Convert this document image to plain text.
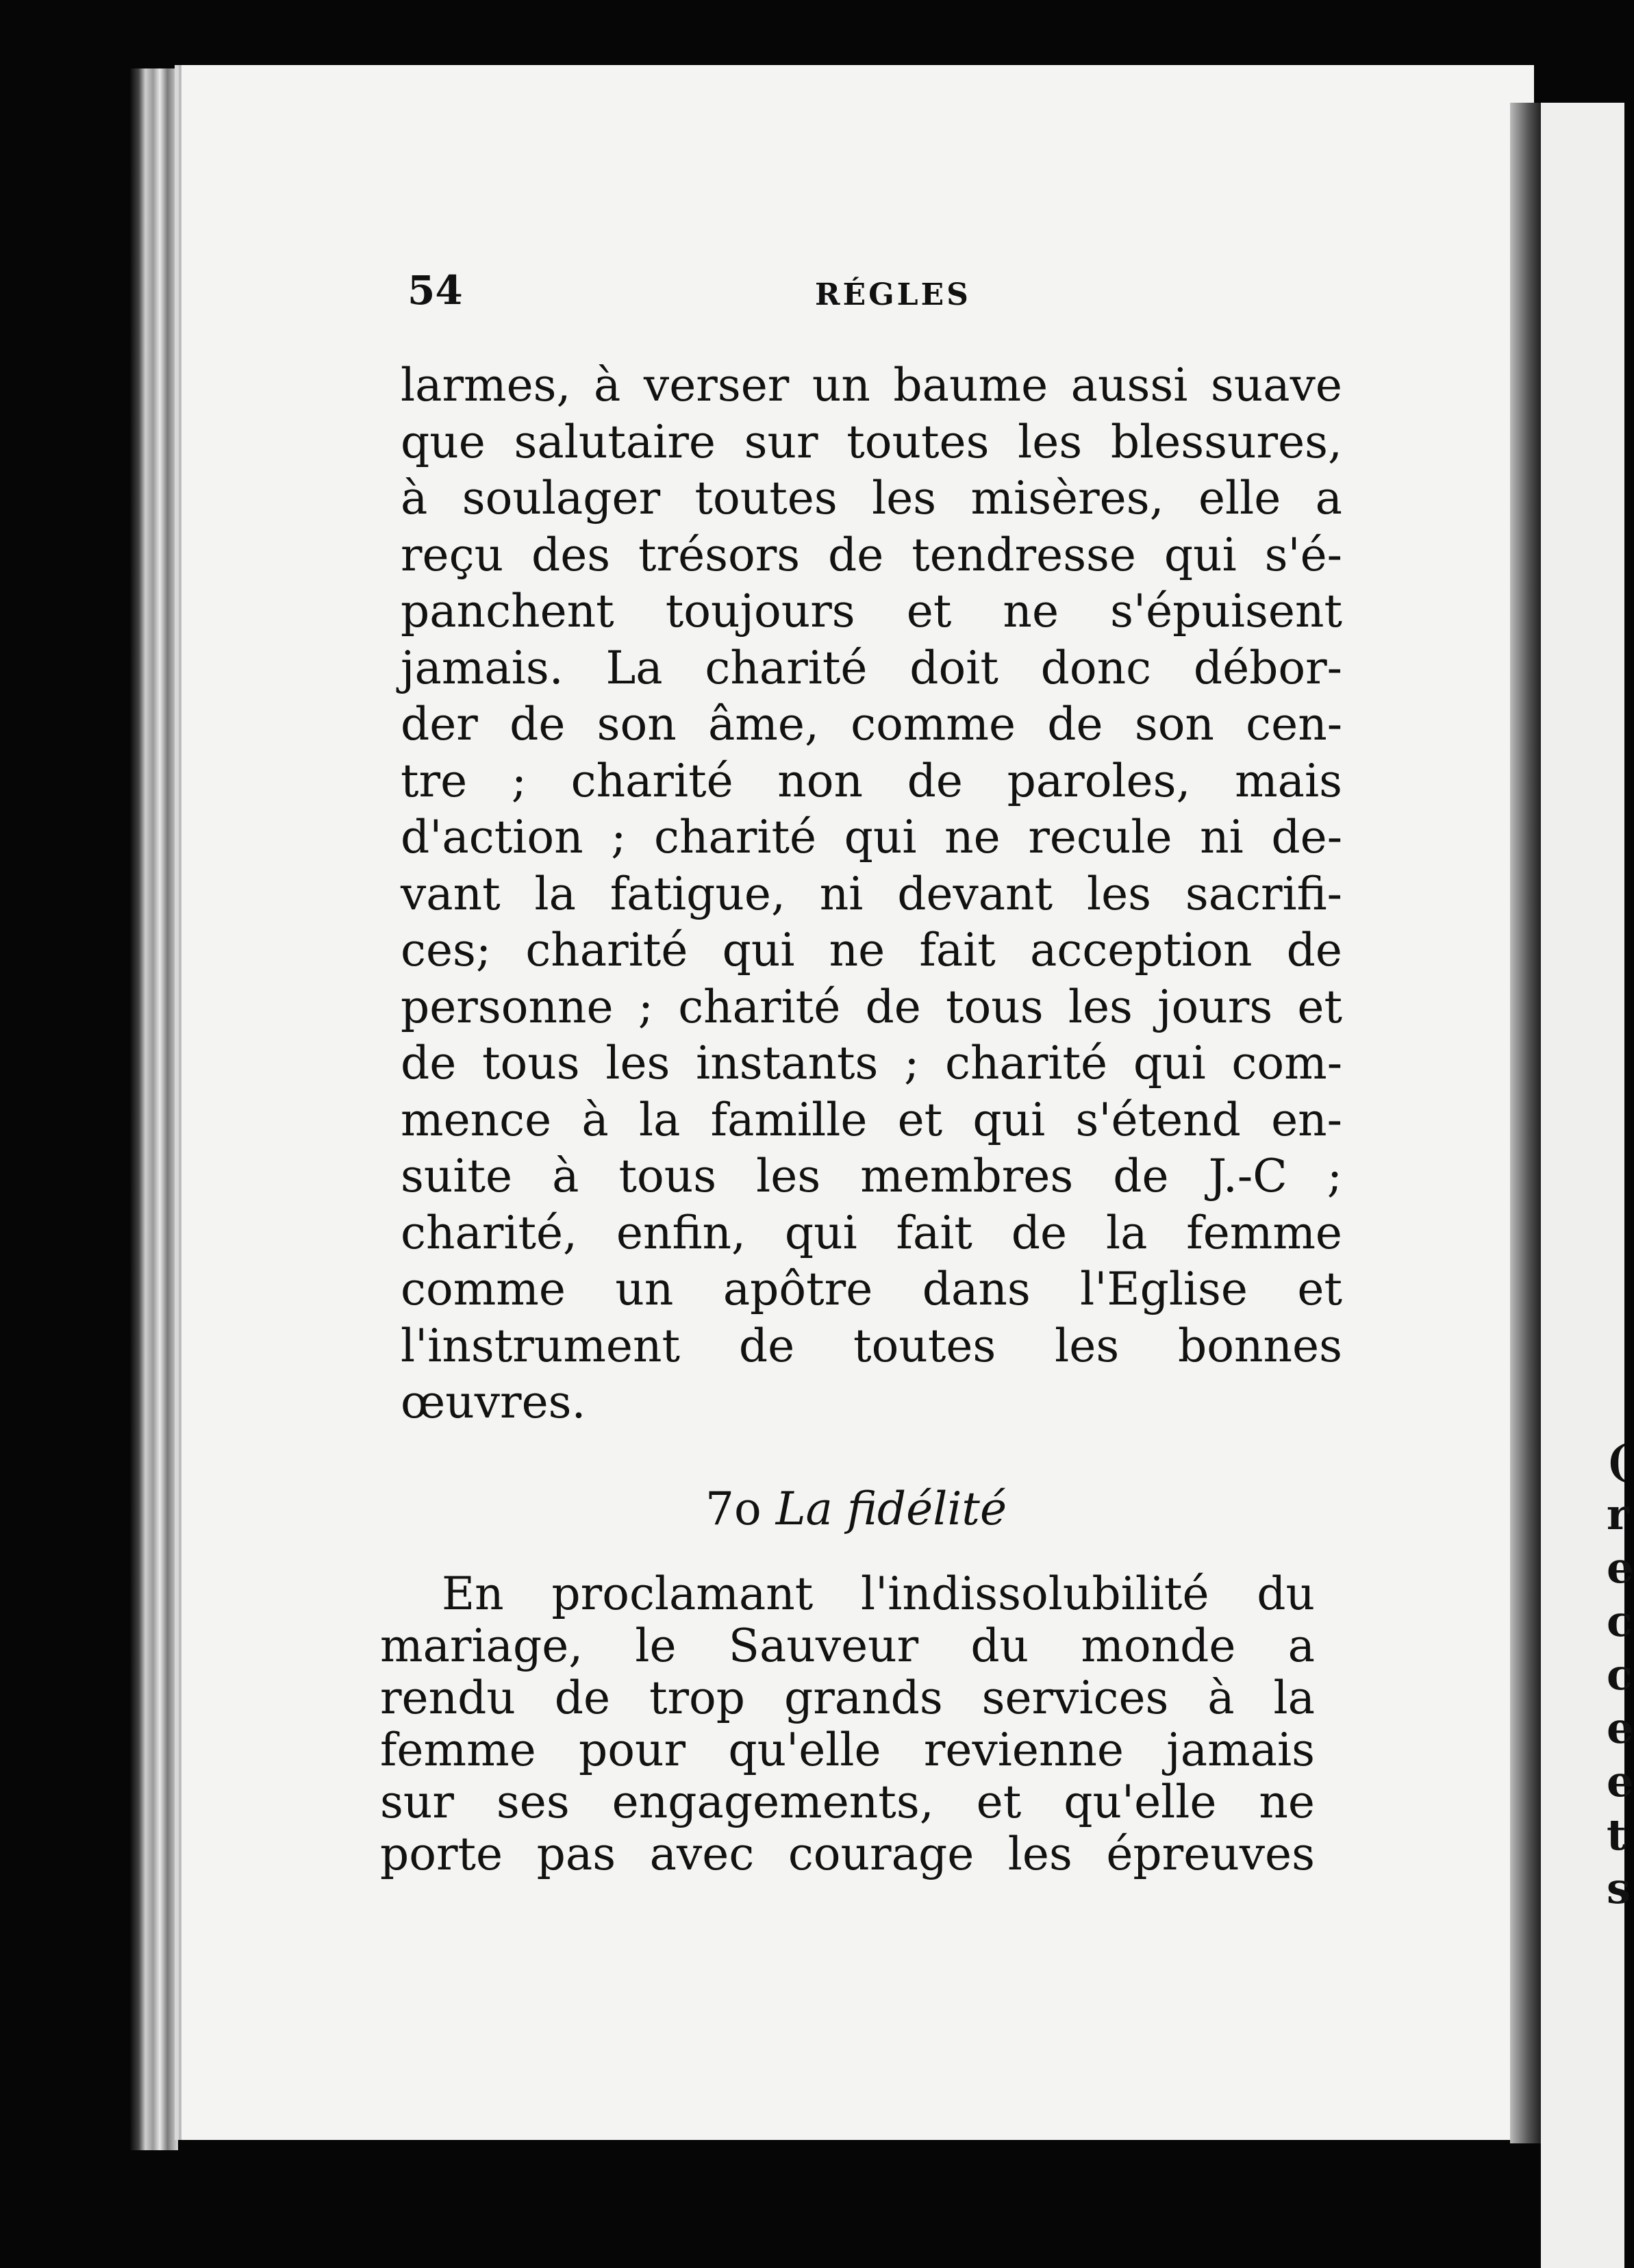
(
r
e
c
c
e
e
t
s
54	RÉGLES
larmes, à verser un baume aussi suave
que salutaire sur toutes les blessures,
à soulager toutes les misères, elle a
reçu des trésors de tendresse qui s'é-
panchent toujours et ne s'épuisent
jamais. La charité doit donc débor-
der de son âme, comme de son cen-
tre ; charité non de paroles, mais
d'action ; charité qui ne recule ni de-
vant la fatigue, ni devant les sacrifi-
ces; charité qui ne fait acception de
personne ; charité de tous les jours et
de tous les instants ; charité qui com-
mence à la famille et qui s'étend en-
suite à tous les membres de J.-C ;
charité, enfin, qui fait de la femme
comme un apôtre dans l'Eglise et
l'instrument de toutes les bonnes
œuvres.
7o La fidélité
En proclamant l'indissolubilité du
mariage, le Sauveur du monde a
rendu de trop grands services à la
femme pour qu'elle revienne jamais
sur ses engagements, et qu'elle ne
porte pas avec courage les épreuves
